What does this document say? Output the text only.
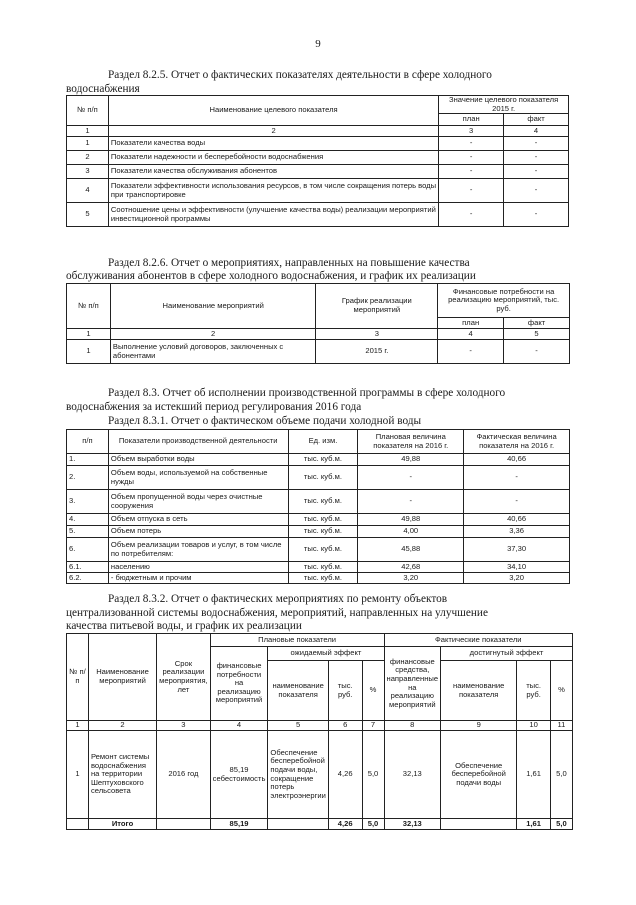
9
Раздел 8.2.5. Отчет о фактических показателях деятельности в сфере холодного
водоснабжения
№ п/п	Наименование целевого показателя	Значение целевого показателя 2015 г.	
		план	факт
1	2	3	4
1	Показатели качества воды	-	-
2	Показатели надежности и бесперебойности водоснабжения	-	-
3	Показатели качества обслуживания абонентов	-	-
4	Показатели эффективности использования ресурсов, в том числе сокращения потерь воды при транспортировке	-	-
5	Соотношение цены и эффективности (улучшение качества воды) реализации мероприятий инвестиционной программы	-	-
Раздел 8.2.6. Отчет о мероприятиях, направленных на повышение качества
обслуживания абонентов в сфере холодного водоснабжения, и график их реализации
№ п/п	Наименование мероприятий	График реализации мероприятий	Финансовые потребности на реализацию мероприятий, тыс. руб.	
			план	факт
1	2	3	4	5
1	Выполнение условий договоров, заключенных с абонентами	2015 г.	-	-
Раздел 8.3. Отчет об исполнении производственной программы в сфере холодного
водоснабжения за истекший период регулирования 2016 года
Раздел 8.3.1. Отчет о фактическом объеме подачи холодной воды
п/п	Показатели производственной деятельности	Ед. изм.	Плановая величина показателя на 2016 г.	Фактическая величина показателя на 2016 г.
1.	Объем выработки воды	тыс. куб.м.	49,88	40,66
2.	Объем воды, используемой на собственные нужды	тыс. куб.м.	-	-
3.	Объем пропущенной воды через очистные сооружения	тыс. куб.м.	-	-
4.	Объем отпуска в сеть	тыс. куб.м.	49,88	40,66
5.	Объем потерь	тыс. куб.м.	4,00	3,36
6.	Объем реализации товаров и услуг, в том числе по потребителям:	тыс. куб.м.	45,88	37,30
6.1.	населению	тыс. куб.м.	42,68	34,10
6.2.	- бюджетным и прочим	тыс. куб.м.	3,20	3,20
Раздел 8.3.2. Отчет о фактических мероприятиях по ремонту объектов
централизованной системы водоснабжения, мероприятий, направленных на улучшение
качества питьевой воды, и график их реализации
№ п/п	Наименование мероприятий	Срок реализации мероприятия, лет	Плановые показатели				Фактические показатели			
			финансовые потребности на реализацию мероприятий	ожидаемый эффект			финансовые средства, направленные на реализацию мероприятий	достигнутый эффект		
				наименование показателя	тыс. руб.	%		наименование показателя	тыс. руб.	%
1	2	3	4	5	6	7	8	9	10	11
1	Ремонт системы водоснабжения на территории Шептуховского сельсовета	2016 год	85,19 себестоимость	Обеспечение бесперебойной подачи воды, сокращение потерь электроэнергии	4,26	5,0	32,13	Обеспечение бесперебойной подачи воды	1,61	5,0
	Итого		85,19		4,26	5,0	32,13		1,61	5,0
